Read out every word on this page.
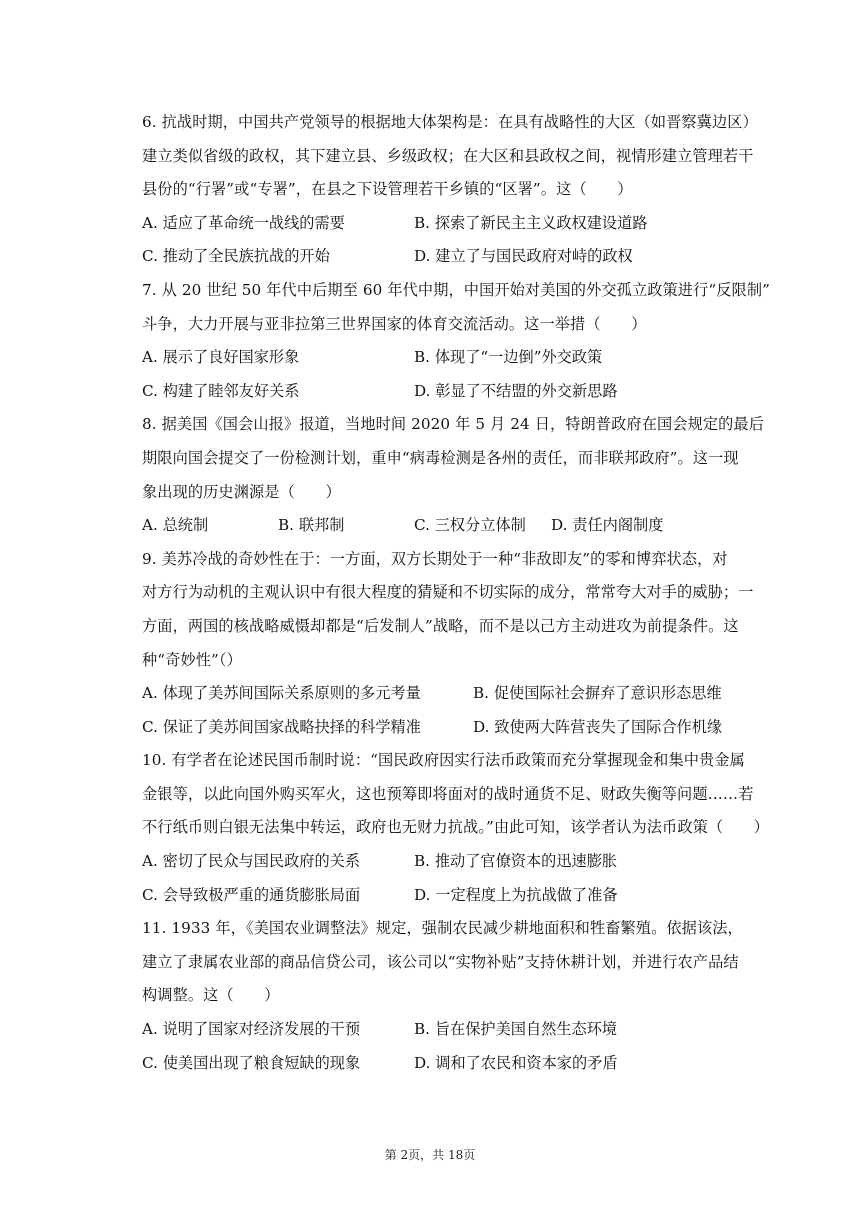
6. 抗战时期，中国共产党领导的根据地大体架构是：在具有战略性的大区（如晋察冀边区）
建立类似省级的政权，其下建立县、乡级政权；在大区和县政权之间，视情形建立管理若干
县份的“行署”或“专署”，在县之下设管理若干乡镇的“区署”。这（　　）
A. 适应了革命统一战线的需要	B. 探索了新民主主义政权建设道路
C. 推动了全民族抗战的开始	D. 建立了与国民政府对峙的政权
7. 从 20 世纪 50 年代中后期至 60 年代中期，中国开始对美国的外交孤立政策进行“反限制”
斗争，大力开展与亚非拉第三世界国家的体育交流活动。这一举措（　　）
A. 展示了良好国家形象	B. 体现了“一边倒”外交政策
C. 构建了睦邻友好关系	D. 彰显了不结盟的外交新思路
8. 据美国《国会山报》报道，当地时间 2020 年 5 月 24 日，特朗普政府在国会规定的最后
期限向国会提交了一份检测计划，重申“病毒检测是各州的责任，而非联邦政府”。这一现
象出现的历史渊源是（　　）
A. 总统制	B. 联邦制	C. 三权分立体制 D. 责任内阁制度
9. 美苏冷战的奇妙性在于：一方面，双方长期处于一种“非敌即友”的零和博弈状态，对
对方行为动机的主观认识中有很大程度的猜疑和不切实际的成分，常常夸大对手的威胁；一
方面，两国的核战略威慑却都是“后发制人”战略，而不是以己方主动进攻为前提条件。这
种“奇妙性”（）
A. 体现了美苏间国际关系原则的多元考量	B. 促使国际社会摒弃了意识形态思维
C. 保证了美苏间国家战略抉择的科学精准	D. 致使两大阵营丧失了国际合作机缘
10. 有学者在论述民国币制时说：“国民政府因实行法币政策而充分掌握现金和集中贵金属
金银等，以此向国外购买军火，这也预筹即将面对的战时通货不足、财政失衡等问题……若
不行纸币则白银无法集中转运，政府也无财力抗战。”由此可知，该学者认为法币政策（　　）
A. 密切了民众与国民政府的关系	B. 推动了官僚资本的迅速膨胀
C. 会导致极严重的通货膨胀局面	D. 一定程度上为抗战做了准备
11. 1933 年，《美国农业调整法》规定，强制农民减少耕地面积和牲畜繁殖。依据该法，
建立了隶属农业部的商品信贷公司，该公司以“实物补贴”支持休耕计划，并进行农产品结
构调整。这（　　）
A. 说明了国家对经济发展的干预	B. 旨在保护美国自然生态环境
C. 使美国出现了粮食短缺的现象	D. 调和了农民和资本家的矛盾
第 2页，共 18页
